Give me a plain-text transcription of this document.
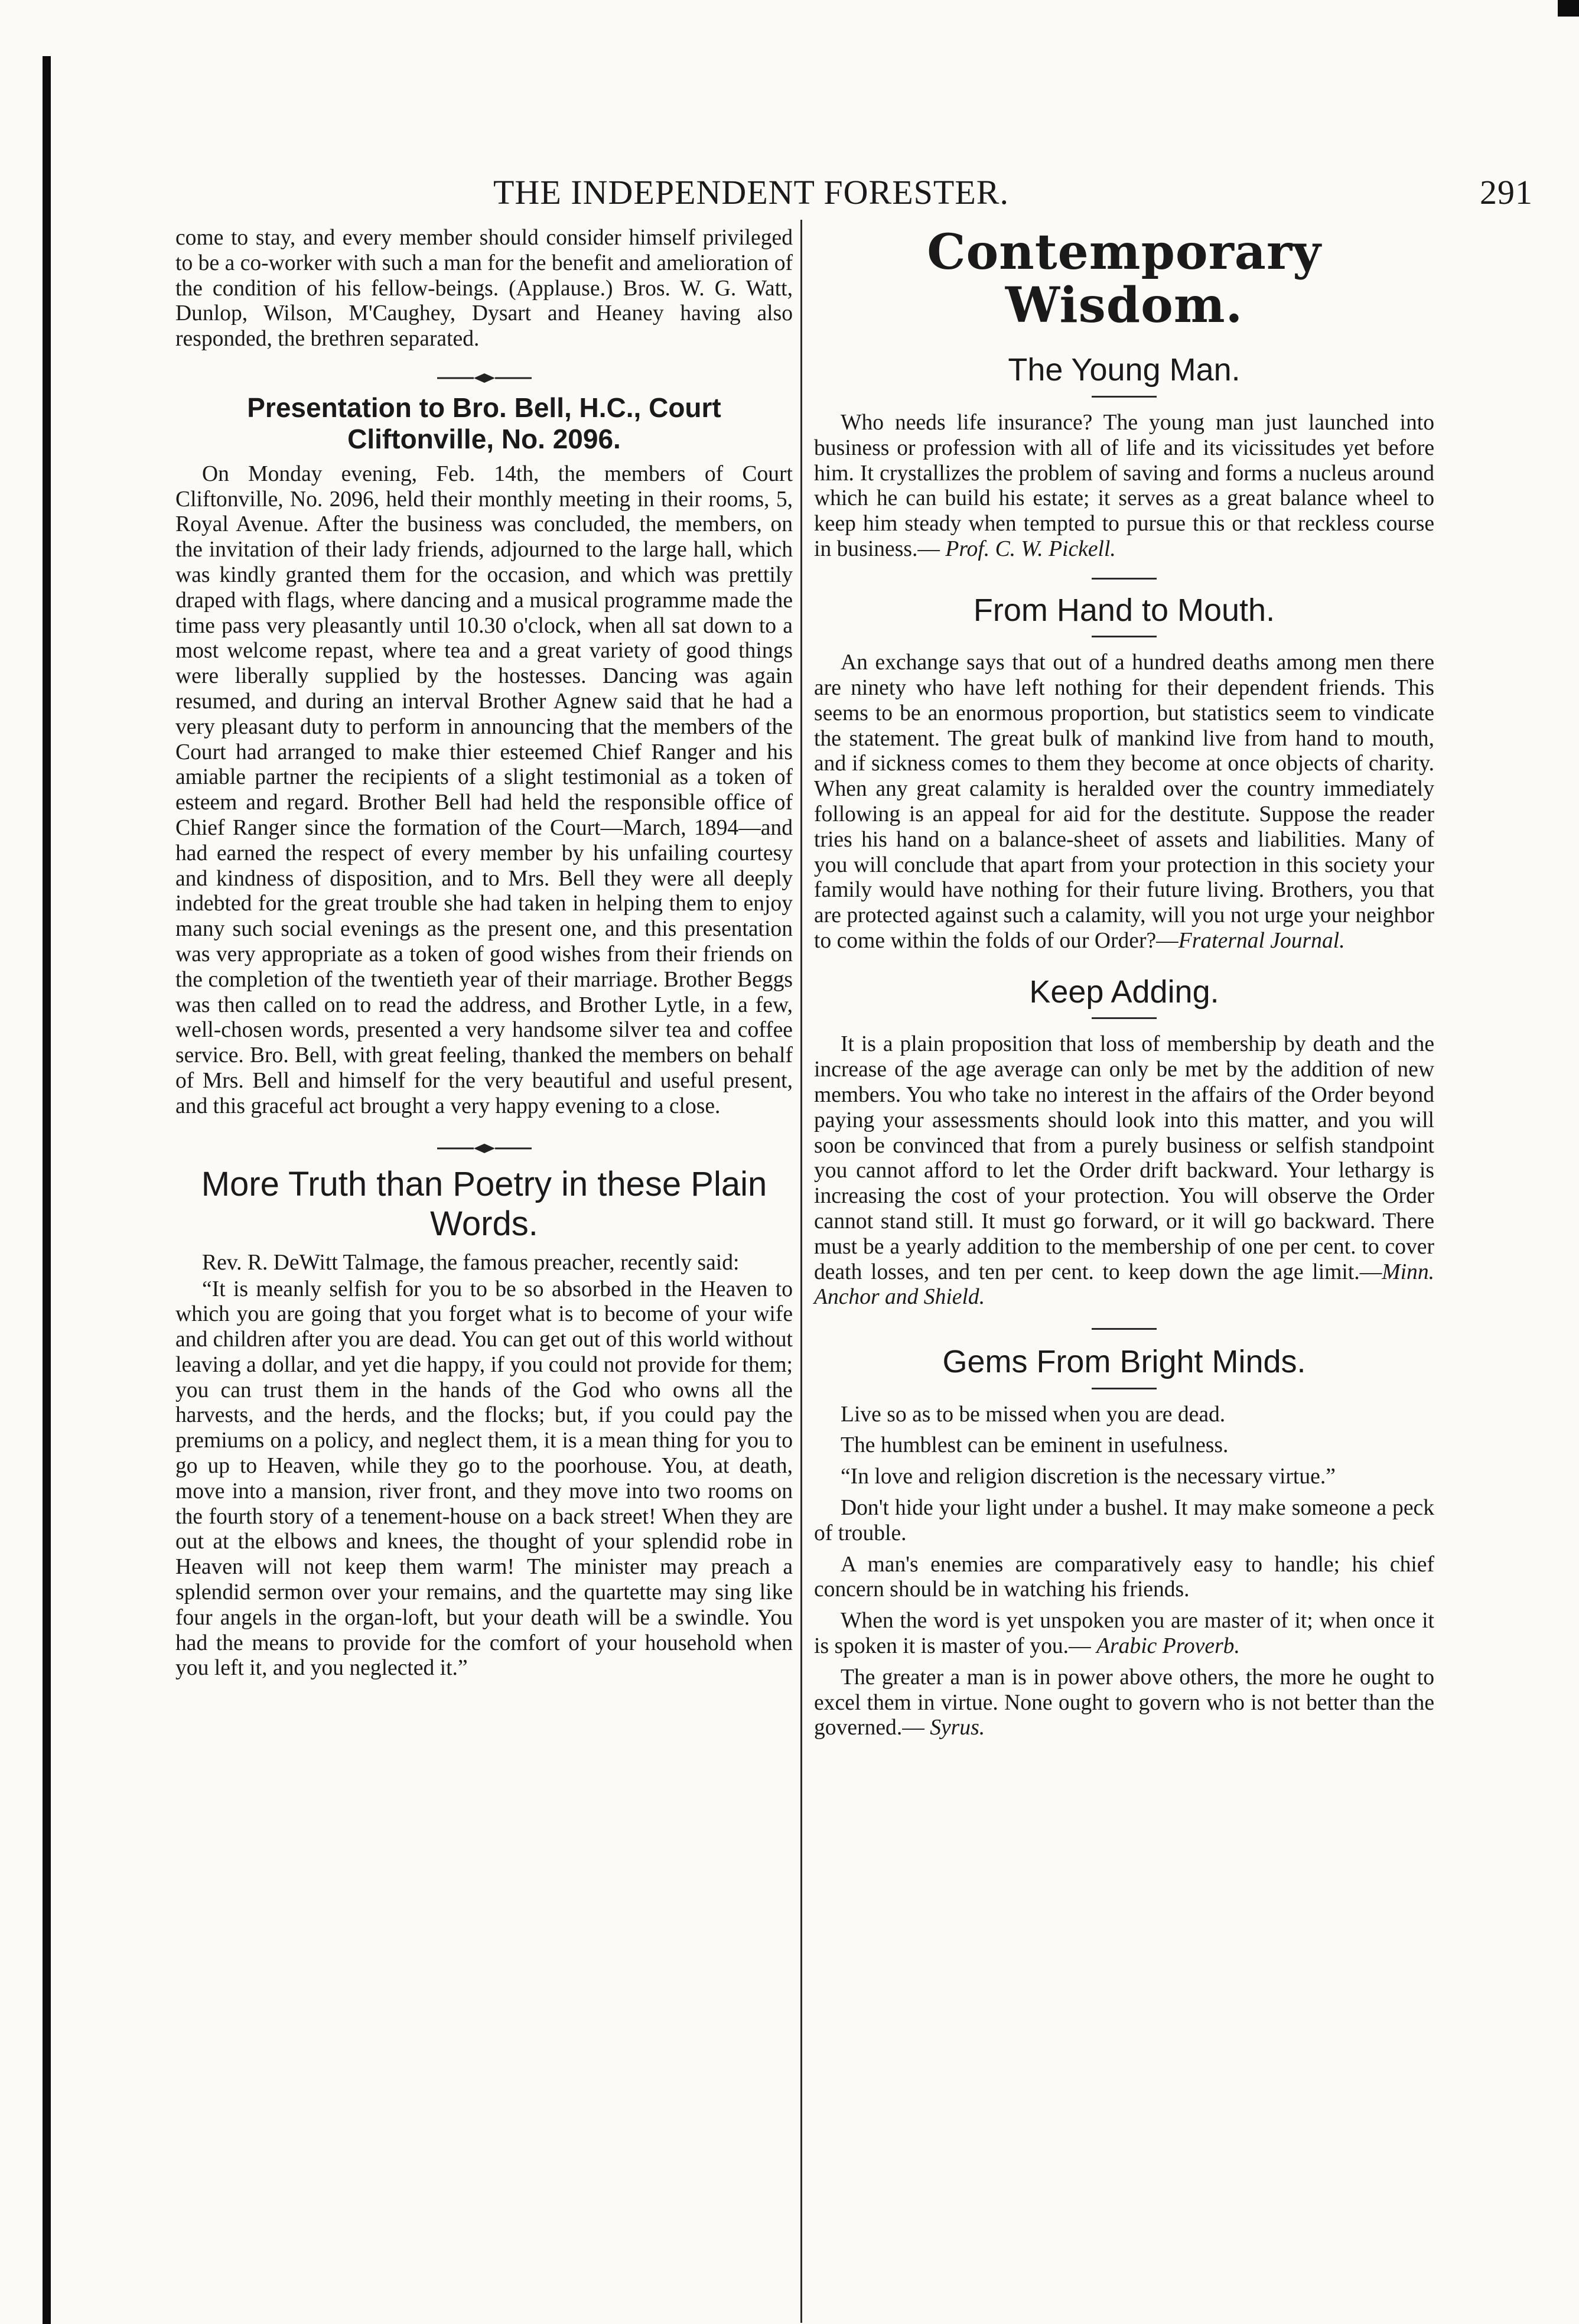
THE INDEPENDENT FORESTER.	291

come to stay, and every member should consider himself privileged to be a co-worker with such a man for the benefit and amelioration of the condition of his fellow-beings. (Applause.) Bros. W. G. Watt, Dunlop, Wilson, M'Caughey, Dysart and Heaney having also responded, the brethren separated.

Presentation to Bro. Bell, H.C., Court Cliftonville, No. 2096.

On Monday evening, Feb. 14th, the members of Court Cliftonville, No. 2096, held their monthly meeting in their rooms, 5, Royal Avenue. After the business was concluded, the members, on the invitation of their lady friends, adjourned to the large hall, which was kindly granted them for the occasion, and which was prettily draped with flags, where dancing and a musical programme made the time pass very pleasantly until 10.30 o'clock, when all sat down to a most welcome repast, where tea and a great variety of good things were liberally supplied by the hostesses. Dancing was again resumed, and during an interval Brother Agnew said that he had a very pleasant duty to perform in announcing that the members of the Court had arranged to make thier esteemed Chief Ranger and his amiable partner the recipients of a slight testimonial as a token of esteem and regard. Brother Bell had held the responsible office of Chief Ranger since the formation of the Court—March, 1894—and had earned the respect of every member by his unfailing courtesy and kindness of disposition, and to Mrs. Bell they were all deeply indebted for the great trouble she had taken in helping them to enjoy many such social evenings as the present one, and this presentation was very appropriate as a token of good wishes from their friends on the completion of the twentieth year of their marriage. Brother Beggs was then called on to read the address, and Brother Lytle, in a few, well-chosen words, presented a very handsome silver tea and coffee service. Bro. Bell, with great feeling, thanked the members on behalf of Mrs. Bell and himself for the very beautiful and useful present, and this graceful act brought a very happy evening to a close.

More Truth than Poetry in these Plain Words.

Rev. R. DeWitt Talmage, the famous preacher, recently said:

“It is meanly selfish for you to be so absorbed in the Heaven to which you are going that you forget what is to become of your wife and children after you are dead. You can get out of this world without leaving a dollar, and yet die happy, if you could not provide for them; you can trust them in the hands of the God who owns all the harvests, and the herds, and the flocks; but, if you could pay the premiums on a policy, and neglect them, it is a mean thing for you to go up to Heaven, while they go to the poorhouse. You, at death, move into a mansion, river front, and they move into two rooms on the fourth story of a tenement-house on a back street! When they are out at the elbows and knees, the thought of your splendid robe in Heaven will not keep them warm! The minister may preach a splendid sermon over your remains, and the quartette may sing like four angels in the organ-loft, but your death will be a swindle. You had the means to provide for the comfort of your household when you left it, and you neglected it.”

Contemporary Wisdom.
The Young Man.

Who needs life insurance? The young man just launched into business or profession with all of life and its vicissitudes yet before him. It crystallizes the problem of saving and forms a nucleus around which he can build his estate; it serves as a great balance wheel to keep him steady when tempted to pursue this or that reckless course in business.— Prof. C. W. Pickell.

From Hand to Mouth.

An exchange says that out of a hundred deaths among men there are ninety who have left nothing for their dependent friends. This seems to be an enormous proportion, but statistics seem to vindicate the statement. The great bulk of mankind live from hand to mouth, and if sickness comes to them they become at once objects of charity. When any great calamity is heralded over the country immediately following is an appeal for aid for the destitute. Suppose the reader tries his hand on a balance-sheet of assets and liabilities. Many of you will conclude that apart from your protection in this society your family would have nothing for their future living. Brothers, you that are protected against such a calamity, will you not urge your neighbor to come within the folds of our Order?—Fraternal Journal.

Keep Adding.

It is a plain proposition that loss of membership by death and the increase of the age average can only be met by the addition of new members. You who take no interest in the affairs of the Order beyond paying your assessments should look into this matter, and you will soon be convinced that from a purely business or selfish standpoint you cannot afford to let the Order drift backward. Your lethargy is increasing the cost of your protection. You will observe the Order cannot stand still. It must go forward, or it will go backward. There must be a yearly addition to the membership of one per cent. to cover death losses, and ten per cent. to keep down the age limit.—Minn. Anchor and Shield.

Gems From Bright Minds.

Live so as to be missed when you are dead.

The humblest can be eminent in usefulness.

“In love and religion discretion is the necessary virtue.”

Don't hide your light under a bushel. It may make someone a peck of trouble.

A man's enemies are comparatively easy to handle; his chief concern should be in watching his friends.

When the word is yet unspoken you are master of it; when once it is spoken it is master of you.— Arabic Proverb.

The greater a man is in power above others, the more he ought to excel them in virtue. None ought to govern who is not better than the governed.— Syrus.
